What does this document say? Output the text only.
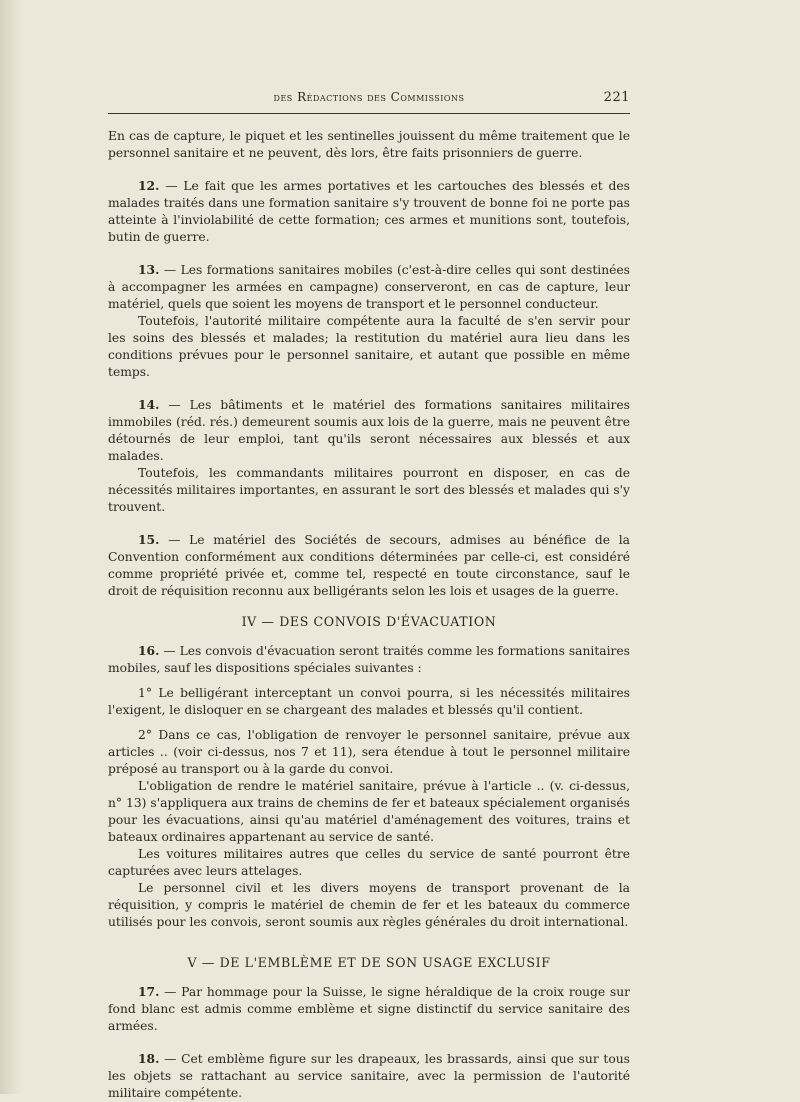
des Rédactions des Commissions	221

En cas de capture, le piquet et les sentinelles jouissent du même traitement que le personnel sanitaire et ne peuvent, dès lors, être faits prisonniers de guerre.

12. — Le fait que les armes portatives et les cartouches des blessés et des malades traités dans une formation sanitaire s'y trouvent de bonne foi ne porte pas atteinte à l'inviolabilité de cette formation; ces armes et munitions sont, toutefois, butin de guerre.

13. — Les formations sanitaires mobiles (c'est-à-dire celles qui sont destinées à accompagner les armées en campagne) conserveront, en cas de capture, leur matériel, quels que soient les moyens de transport et le personnel conducteur.

Toutefois, l'autorité militaire compétente aura la faculté de s'en servir pour les soins des blessés et malades; la restitution du matériel aura lieu dans les conditions prévues pour le personnel sanitaire, et autant que possible en même temps.

14. — Les bâtiments et le matériel des formations sanitaires militaires immobiles (réd. rés.) demeurent soumis aux lois de la guerre, mais ne peuvent être détournés de leur emploi, tant qu'ils seront nécessaires aux blessés et aux malades.

Toutefois, les commandants militaires pourront en disposer, en cas de nécessités militaires importantes, en assurant le sort des blessés et malades qui s'y trouvent.

15. — Le matériel des Sociétés de secours, admises au bénéfice de la Convention conformément aux conditions déterminées par celle-ci, est considéré comme propriété privée et, comme tel, respecté en toute circonstance, sauf le droit de réquisition reconnu aux belligérants selon les lois et usages de la guerre.

IV — DES CONVOIS D'ÉVACUATION

16. — Les convois d'évacuation seront traités comme les formations sanitaires mobiles, sauf les dispositions spéciales suivantes :

1° Le belligérant interceptant un convoi pourra, si les nécessités militaires l'exigent, le disloquer en se chargeant des malades et blessés qu'il contient.

2° Dans ce cas, l'obligation de renvoyer le personnel sanitaire, prévue aux articles .. (voir ci-dessus, nos 7 et 11), sera étendue à tout le personnel militaire préposé au transport ou à la garde du convoi.

L'obligation de rendre le matériel sanitaire, prévue à l'article .. (v. ci-dessus, n° 13) s'appliquera aux trains de chemins de fer et bateaux spécialement organisés pour les évacuations, ainsi qu'au matériel d'aménagement des voitures, trains et bateaux ordinaires appartenant au service de santé.

Les voitures militaires autres que celles du service de santé pourront être capturées avec leurs attelages.

Le personnel civil et les divers moyens de transport provenant de la réquisition, y compris le matériel de chemin de fer et les bateaux du commerce utilisés pour les convois, seront soumis aux règles générales du droit international.

V — DE L'EMBLÈME ET DE SON USAGE EXCLUSIF

17. — Par hommage pour la Suisse, le signe héraldique de la croix rouge sur fond blanc est admis comme emblème et signe distinctif du service sanitaire des armées.

18. — Cet emblème figure sur les drapeaux, les brassards, ainsi que sur tous les objets se rattachant au service sanitaire, avec la permission de l'autorité militaire compétente.
